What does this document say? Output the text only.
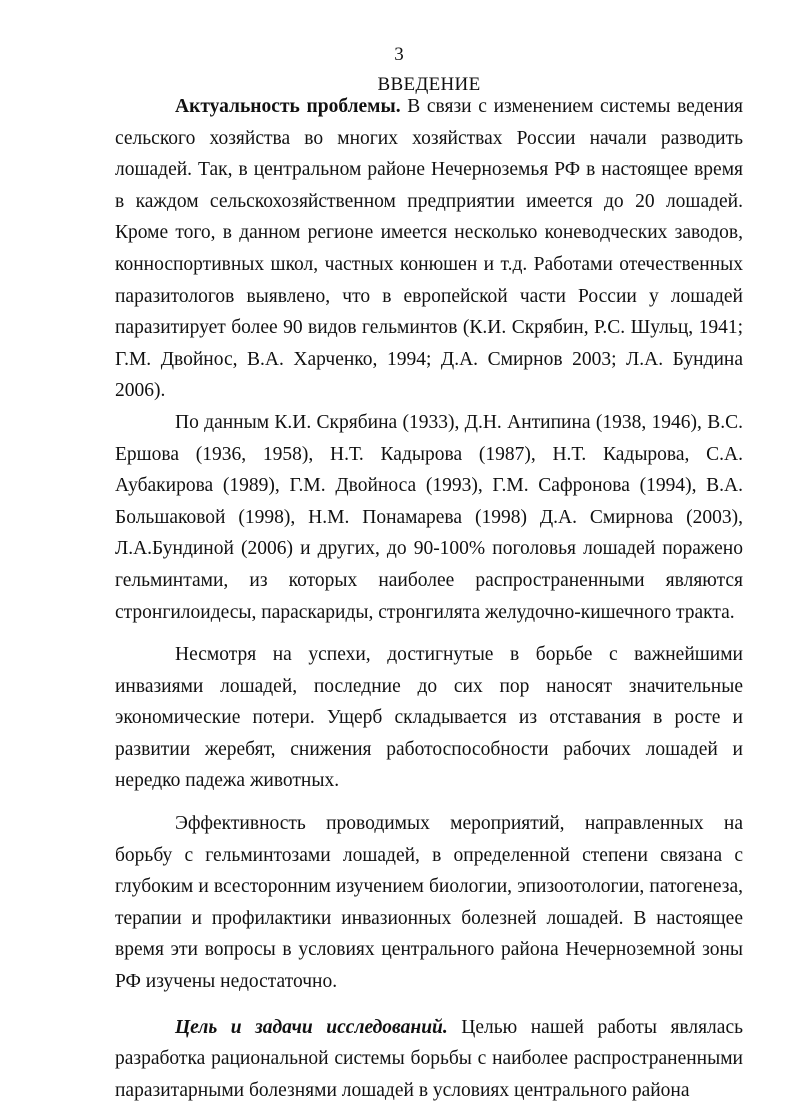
3
ВВЕДЕНИЕ

Актуальность проблемы. В связи с изменением системы ведения сельского хозяйства во многих хозяйствах России начали разводить лошадей. Так, в центральном районе Нечерноземья РФ в настоящее время в каждом сельскохозяйственном предприятии имеется до 20 лошадей. Кроме того, в данном регионе имеется несколько коневодческих заводов, конноспортивных школ, частных конюшен и т.д. Работами отечественных паразитологов выявлено, что в европейской части России у лошадей паразитирует более 90 видов гельминтов (К.И. Скрябин, Р.С. Шульц, 1941; Г.М. Двойнос, В.А. Харченко, 1994; Д.А. Смирнов 2003; Л.А. Бундина 2006).

По данным К.И. Скрябина (1933), Д.Н. Антипина (1938, 1946), В.С. Ершова (1936, 1958), Н.Т. Кадырова (1987), Н.Т. Кадырова, С.А. Аубакирова (1989), Г.М. Двойноса (1993), Г.М. Сафронова (1994), В.А. Большаковой (1998), Н.М. Понамарева (1998) Д.А. Смирнова (2003), Л.А.Бундиной (2006) и других, до 90-100% поголовья лошадей поражено гельминтами, из которых наиболее распространенными являются стронгилоидесы, параскариды, стронгилята желудочно-кишечного тракта.

Несмотря на успехи, достигнутые в борьбе с важнейшими инвазиями лошадей, последние до сих пор наносят значительные экономические потери. Ущерб складывается из отставания в росте и развитии жеребят, снижения работоспособности рабочих лошадей и нередко падежа животных.

Эффективность проводимых мероприятий, направленных на борьбу с гельминтозами лошадей, в определенной степени связана с глубоким и всесторонним изучением биологии, эпизоотологии, патогенеза, терапии и профилактики инвазионных болезней лошадей. В настоящее время эти вопросы в условиях центрального района Нечерноземной зоны РФ изучены недостаточно.

Цель и задачи исследований. Целью нашей работы являлась разработка рациональной системы борьбы с наиболее распространенными паразитарными болезнями лошадей в условиях центрального района
